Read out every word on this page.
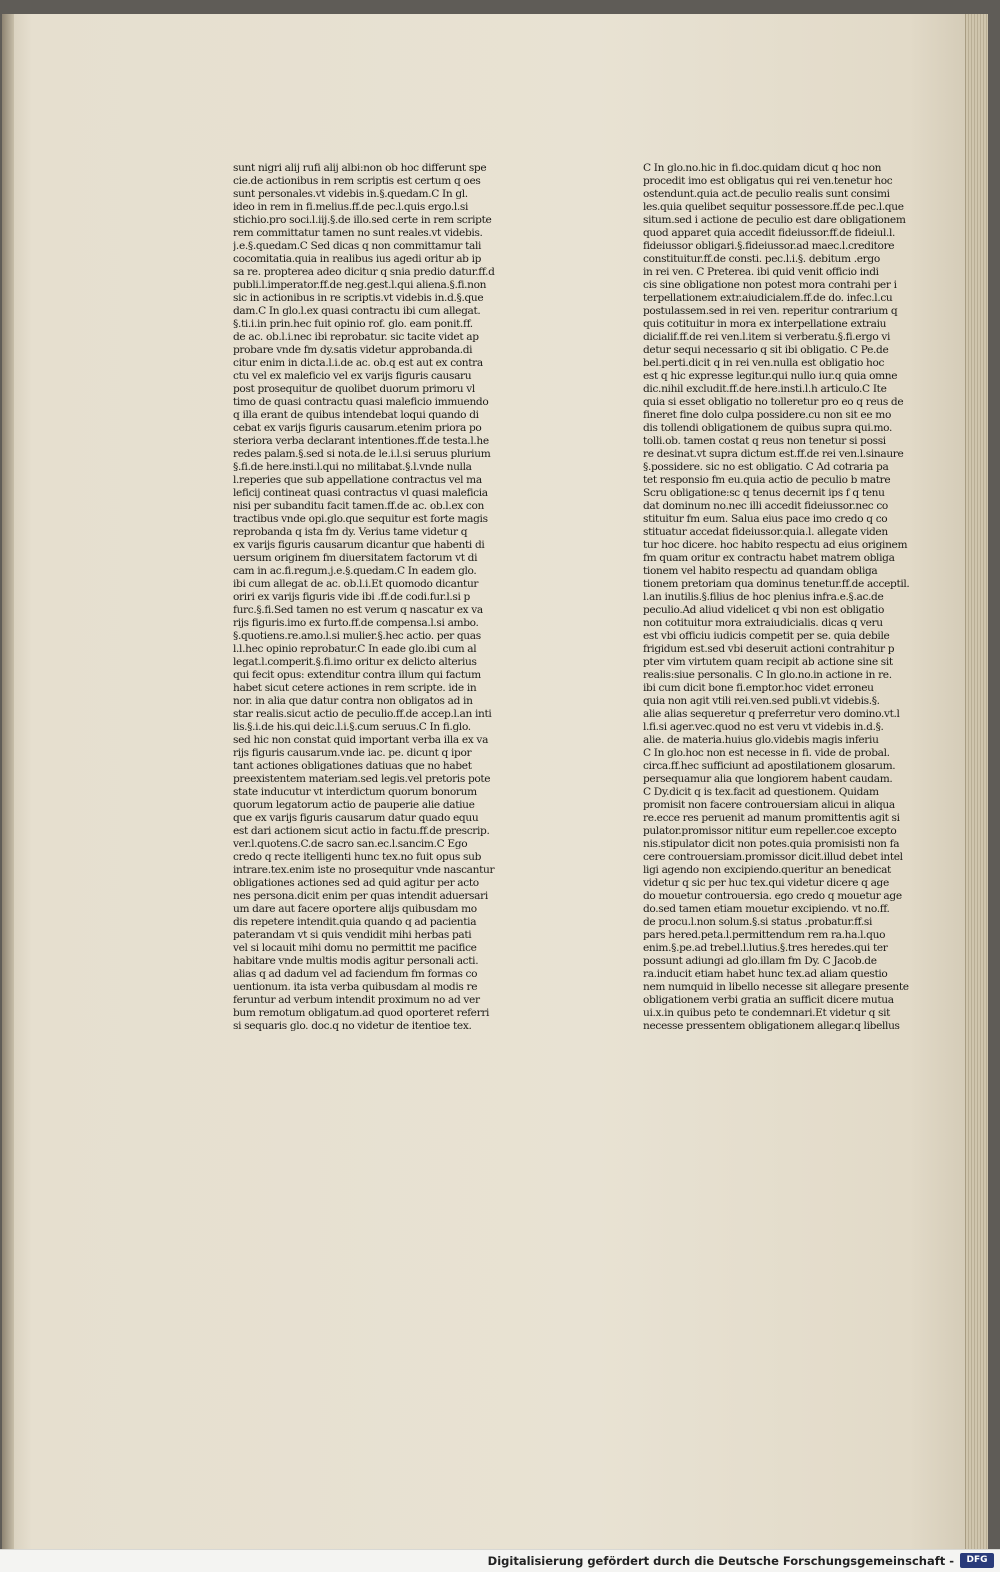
sunt nigri alij rufi alij albi:non ob hoc differunt spe
cie.de actionibus in rem scriptis est certum q oes
sunt personales.vt videbis in.§.quedam.C In gl.
ideo in rem in fi.melius.ff.de pec.l.quis ergo.l.si
stichio.pro soci.l.iij.§.de illo.sed certe in rem scripte
rem committatur tamen no sunt reales.vt videbis.
j.e.§.quedam.C Sed dicas q non committamur tali
cocomitatia.quia in realibus ius agedi oritur ab ip
sa re. propterea adeo dicitur q snia predio datur.ff.d
publi.l.imperator.ff.de neg.gest.l.qui aliena.§.fi.non
sic in actionibus in re scriptis.vt videbis in.d.§.que
dam.C In glo.l.ex quasi contractu ibi cum allegat.
§.ti.i.in prin.hec fuit opinio rof. glo. eam ponit.ff.
de ac. ob.l.i.nec ibi reprobatur. sic tacite videt ap
probare vnde fm dy.satis videtur approbanda.di
citur enim in dicta.l.i.de ac. ob.q est aut ex contra
ctu vel ex maleficio vel ex varijs figuris causaru
post prosequitur de quolibet duorum primoru vl
timo de quasi contractu quasi maleficio immuendo
q illa erant de quibus intendebat loqui quando di
cebat ex varijs figuris causarum.etenim priora po
steriora verba declarant intentiones.ff.de testa.l.he
redes palam.§.sed si nota.de le.i.l.si seruus plurium
§.fi.de here.insti.l.qui no militabat.§.l.vnde nulla
l.reperies que sub appellatione contractus vel ma
leficij contineat quasi contractus vl quasi maleficia
nisi per subanditu facit tamen.ff.de ac. ob.l.ex con
tractibus vnde opi.glo.que sequitur est forte magis
reprobanda q ista fm dy. Verius tame videtur q
ex varijs figuris causarum dicantur que habenti di
uersum originem fm diuersitatem factorum vt di
cam in ac.fi.regum.j.e.§.quedam.C In eadem glo.
ibi cum allegat de ac. ob.l.i.Et quomodo dicantur
oriri ex varijs figuris vide ibi .ff.de codi.fur.l.si p
furc.§.fi.Sed tamen no est verum q nascatur ex va
rijs figuris.imo ex furto.ff.de compensa.l.si ambo.
§.quotiens.re.amo.l.si mulier.§.hec actio. per quas
l.l.hec opinio reprobatur.C In eade glo.ibi cum al
legat.l.comperit.§.fi.imo oritur ex delicto alterius
qui fecit opus: extenditur contra illum qui factum
habet sicut cetere actiones in rem scripte. ide in
nor. in alia que datur contra non obligatos ad in
star realis.sicut actio de peculio.ff.de accep.l.an inti
lis.§.i.de his.qui deic.l.i.§.cum seruus.C In fi.glo.
sed hic non constat quid important verba illa ex va
rijs figuris causarum.vnde iac. pe. dicunt q ipor
tant actiones obligationes datiuas que no habet
preexistentem materiam.sed legis.vel pretoris pote
state inducutur vt interdictum quorum bonorum
quorum legatorum actio de pauperie alie datiue
que ex varijs figuris causarum datur quado equu
est dari actionem sicut actio in factu.ff.de prescrip.
ver.l.quotens.C.de sacro san.ec.l.sancim.C Ego
credo q recte itelligenti hunc tex.no fuit opus sub
intrare.tex.enim iste no prosequitur vnde nascantur
obligationes actiones sed ad quid agitur per acto
nes persona.dicit enim per quas intendit aduersari
um dare aut facere oportere alijs quibusdam mo
dis repetere intendit.quia quando q ad pacientia
paterandam vt si quis vendidit mihi herbas pati
vel si locauit mihi domu no permittit me pacifice
habitare vnde multis modis agitur personali acti.
alias q ad dadum vel ad faciendum fm formas co
uentionum. ita ista verba quibusdam al modis re
feruntur ad verbum intendit proximum no ad ver
bum remotum obligatum.ad quod oporteret referri
si sequaris glo. doc.q no videtur de itentioe tex.
C In glo.no.hic in fi.doc.quidam dicut q hoc non
procedit imo est obligatus qui rei ven.tenetur hoc
ostendunt.quia act.de peculio realis sunt consimi
les.quia quelibet sequitur possessore.ff.de pec.l.que
situm.sed i actione de peculio est dare obligationem
quod apparet quia accedit fideiussor.ff.de fideiul.l.
fideiussor obligari.§.fideiussor.ad maec.l.creditore
constituitur.ff.de consti. pec.l.i.§. debitum .ergo
in rei ven. C Preterea. ibi quid venit officio indi
cis sine obligatione non potest mora contrahi per i
terpellationem extr.aiudicialem.ff.de do. infec.l.cu
postulassem.sed in rei ven. reperitur contrarium q
quis cotituitur in mora ex interpellatione extraiu
dicialif.ff.de rei ven.l.item si verberatu.§.fi.ergo vi
detur sequi necessario q sit ibi obligatio. C Pe.de
bel.perti.dicit q in rei ven.nulla est obligatio hoc
est q hic expresse legitur.qui nullo iur.q quia omne
dic.nihil excludit.ff.de here.insti.l.h articulo.C Ite
quia si esset obligatio no tolleretur pro eo q reus de
fineret fine dolo culpa possidere.cu non sit ee mo
dis tollendi obligationem de quibus supra qui.mo.
tolli.ob. tamen costat q reus non tenetur si possi
re desinat.vt supra dictum est.ff.de rei ven.l.sinaure
§.possidere. sic no est obligatio. C Ad cotraria pa
tet responsio fm eu.quia actio de peculio b matre
Scru obligatione:sc q tenus decernit ips f q tenu
dat dominum no.nec illi accedit fideiussor.nec co
stituitur fm eum. Salua eius pace imo credo q co
stituatur accedat fideiussor.quia.l. allegate viden
tur hoc dicere. hoc habito respectu ad eius originem
fm quam oritur ex contractu habet matrem obliga
tionem vel habito respectu ad quandam obliga
tionem pretoriam qua dominus tenetur.ff.de acceptil.
l.an inutilis.§.filius de hoc plenius infra.e.§.ac.de
peculio.Ad aliud videlicet q vbi non est obligatio
non cotituitur mora extraiudicialis. dicas q veru
est vbi officiu iudicis competit per se. quia debile
frigidum est.sed vbi deseruit actioni contrahitur p
pter vim virtutem quam recipit ab actione sine sit
realis:siue personalis. C In glo.no.in actione in re.
ibi cum dicit bone fi.emptor.hoc videt erroneu
quia non agit vtili rei.ven.sed publi.vt videbis.§.
alie alias sequeretur q preferretur vero domino.vt.l
l.fi.si ager.vec.quod no est veru vt videbis in.d.§.
alie. de materia.huius glo.videbis magis inferiu
C In glo.hoc non est necesse in fi. vide de probal.
circa.ff.hec sufficiunt ad apostilationem glosarum.
persequamur alia que longiorem habent caudam.
C Dy.dicit q is tex.facit ad questionem. Quidam
promisit non facere controuersiam alicui in aliqua
re.ecce res peruenit ad manum promittentis agit si
pulator.promissor nititur eum repeller.coe excepto
nis.stipulator dicit non potes.quia promisisti non fa
cere controuersiam.promissor dicit.illud debet intel
ligi agendo non excipiendo.queritur an benedicat
videtur q sic per huc tex.qui videtur dicere q age
do mouetur controuersia. ego credo q mouetur age
do.sed tamen etiam mouetur excipiendo. vt no.ff.
de procu.l.non solum.§.si status .probatur.ff.si
pars hered.peta.l.permittendum rem ra.ha.l.quo
enim.§.pe.ad trebel.l.lutius.§.tres heredes.qui ter
possunt adiungi ad glo.illam fm Dy. C Jacob.de
ra.inducit etiam habet hunc tex.ad aliam questio
nem numquid in libello necesse sit allegare presente
obligationem verbi gratia an sufficit dicere mutua
ui.x.in quibus peto te condemnari.Et videtur q sit
necesse pressentem obligationem allegar.q libellus
Digitalisierung gefördert durch die Deutsche Forschungsgemeinschaft -	DFG
